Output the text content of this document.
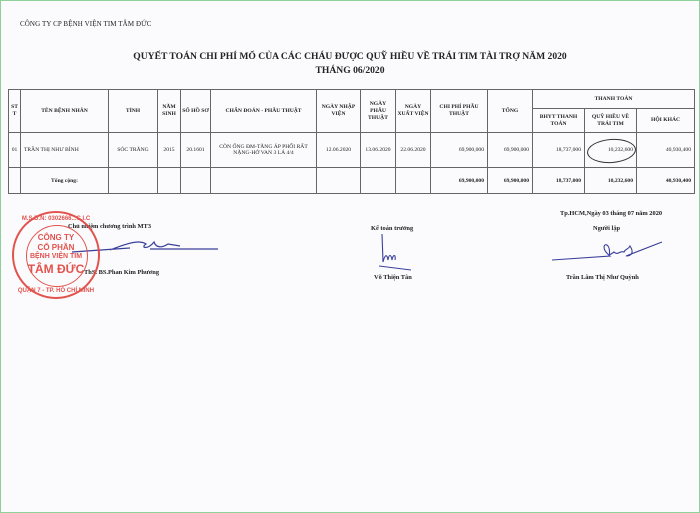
CÔNG TY CP BỆNH VIỆN TIM TÂM ĐỨC
QUYẾT TOÁN CHI PHÍ MỔ CỦA CÁC CHÁU ĐƯỢC QUỸ HIỀU VỀ TRÁI TIM TÀI TRỢ NĂM 2020
THÁNG 06/2020
ST T	TÊN BỆNH NHÂN	TỈNH	NĂM SINH	SỐ HỒ SƠ	CHẨN ĐOÁN - PHẪU THUẬT	NGÀY NHẬP VIỆN	NGÀY PHẪU THUẬT	NGÀY XUẤT VIỆN	CHI PHÍ PHẪU THUẬT	TỔNG	THANH TOÁN		
											BHYT THANH TOÁN	QUỸ HIỀU VỀ TRÁI TIM	HỘI KHÁC
01	TRẦN THỊ NHƯ BÌNH	SÓC TRĂNG	2015	20.1601	CÒN ỐNG ĐM-TĂNG ÁP PHỔI RẤT NẶNG-HỞ VAN 3 LÁ 4/4	12.06.2020	13.06.2020	22.06.2020	69,900,000	69,900,000	18,737,000	10,232,600	40,930,400
	Tổng cộng:								69,900,000	69,900,000	18,737,000	10,232,600	40,930,400
Chủ nhiệm chương trình MT3
ThS. BS.Phan Kim Phương
M.S.D.N: 0302666...C.I.C
CÔNG TY
CỔ PHẦN
BỆNH VIỆN TIM
TÂM ĐỨC
QUẬN 7 - TP. HỒ CHÍ MINH
Kế toán trưởng
Võ Thiện Tân
Tp.HCM,Ngày 03 tháng 07 năm 2020
Người lập
Trần Lâm Thị Như Quỳnh
